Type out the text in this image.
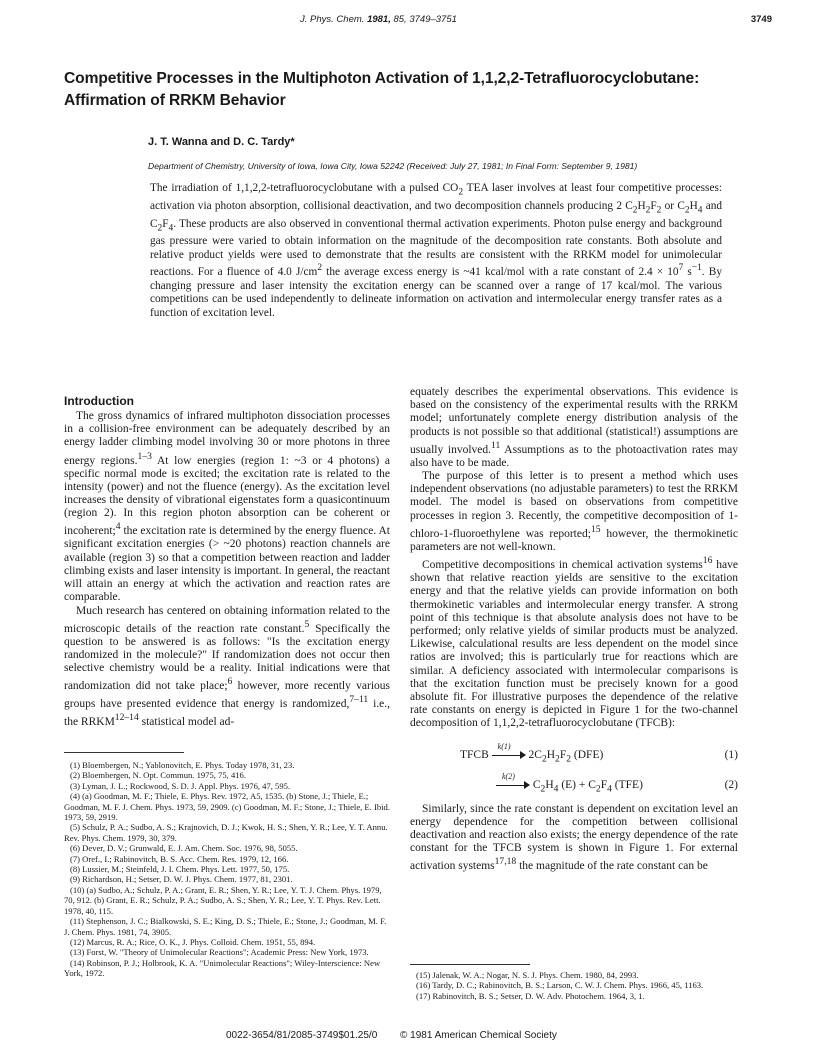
J. Phys. Chem. 1981, 85, 3749–3751	3749
Competitive Processes in the Multiphoton Activation of 1,1,2,2-Tetrafluorocyclobutane: Affirmation of RRKM Behavior
J. T. Wanna and D. C. Tardy*
Department of Chemistry, University of Iowa, Iowa City, Iowa 52242 (Received: July 27, 1981; In Final Form: September 9, 1981)
The irradiation of 1,1,2,2-tetrafluorocyclobutane with a pulsed $CO_2$ TEA laser involves at least four competitive processes: activation via photon absorption, collisional deactivation, and two decomposition channels producing 2 $C_2H_2F_2$ or $C_2H_4$ and $C_2F_4$. These products are also observed in conventional thermal activation experiments. Photon pulse energy and background gas pressure were varied to obtain information on the magnitude of the decomposition rate constants. Both absolute and relative product yields were used to demonstrate that the results are consistent with the RRKM model for unimolecular reactions. For a fluence of 4.0 $J/cm^2$ the average excess energy is ~41 kcal/mol with a rate constant of $2.4 \times 10^7$ $s^{-1}$. By changing pressure and laser intensity the excitation energy can be scanned over a range of 17 kcal/mol. The various competitions can be used independently to delineate information on activation and intermolecular energy transfer rates as a function of excitation level.
Introduction

The gross dynamics of infrared multiphoton dissociation processes in a collision-free environment can be adequately described by an energy ladder climbing model involving 30 or more photons in three energy regions.$^{1-3}$ At low energies (region 1: ~3 or 4 photons) a specific normal mode is excited; the excitation rate is related to the intensity (power) and not the fluence (energy). As the excitation level increases the density of vibrational eigenstates form a quasicontinuum (region 2). In this region photon absorption can be coherent or incoherent;$^4$ the excitation rate is determined by the energy fluence. At significant excitation energies (> ~20 photons) reaction channels are available (region 3) so that a competition between reaction and ladder climbing exists and laser intensity is important. In general, the reactant will attain an energy at which the activation and reaction rates are comparable.

Much research has centered on obtaining information related to the microscopic details of the reaction rate constant.$^5$ Specifically the question to be answered is as follows: "Is the excitation energy randomized in the molecule?" If randomization does not occur then selective chemistry would be a reality. Initial indications were that randomization did not take place;$^6$ however, more recently various groups have presented evidence that energy is randomized,$^{7-11}$ i.e., the RRKM$^{12-14}$ statistical model ad-

(1) Bloembergen, N.; Yablonovitch, E. Phys. Today 1978, 31, 23.
(2) Bloembergen, N. Opt. Commun. 1975, 75, 416.
(3) Lyman, J. L.; Rockwood, S. D. J. Appl. Phys. 1976, 47, 595.
(4) (a) Goodman, M. F.; Thiele, E. Phys. Rev. 1972, A5, 1535. (b) Stone, J.; Thiele, E.; Goodman, M. F. J. Chem. Phys. 1973, 59, 2909. (c) Goodman, M. F.; Stone, J.; Thiele, E. Ibid. 1973, 59, 2919.
(5) Schulz, P. A.; Sudbo, A. S.; Krajnovich, D. J.; Kwok, H. S.; Shen, Y. R.; Lee, Y. T. Annu. Rev. Phys. Chem. 1979, 30, 379.
(6) Dever, D. V.; Grunwald, E. J. Am. Chem. Soc. 1976, 98, 5055.
(7) Oref., I.; Rabinovitch, B. S. Acc. Chem. Res. 1979, 12, 166.
(8) Lussier, M.; Steinfeld, J. I. Chem. Phys. Lett. 1977, 50, 175.
(9) Richardson, H.; Setser, D. W. J. Phys. Chem. 1977, 81, 2301.
(10) (a) Sudbo, A.; Schulz, P. A.; Grant, E. R.; Shen, Y. R.; Lee, Y. T. J. Chem. Phys. 1979, 70, 912. (b) Grant, E. R.; Schulz, P. A.; Sudbo, A. S.; Shen, Y. R.; Lee, Y. T. Phys. Rev. Lett. 1978, 40, 115.
(11) Stephenson, J. C.; Bialkowski, S. E.; King, D. S.; Thiele, E.; Stone, J.; Goodman, M. F. J. Chem. Phys. 1981, 74, 3905.
(12) Marcus, R. A.; Rice, O. K., J. Phys. Colloid. Chem. 1951, 55, 894.
(13) Forst, W. "Theory of Unimolecular Reactions"; Academic Press: New York, 1973.
(14) Robinson, P. J.; Holbrook, K. A. "Unimolecular Reactions"; Wiley-Interscience: New York, 1972.

equately describes the experimental observations. This evidence is based on the consistency of the experimental results with the RRKM model; unfortunately complete energy distribution analysis of the products is not possible so that additional (statistical!) assumptions are usually involved.$^{11}$ Assumptions as to the photoactivation rates may also have to be made.

The purpose of this letter is to present a method which uses independent observations (no adjustable parameters) to test the RRKM model. The model is based on observations from competitive processes in region 3. Recently, the competitive decomposition of 1-chloro-1-fluoroethylene was reported;$^{15}$ however, the thermokinetic parameters are not well-known.

Competitive decompositions in chemical activation systems$^{16}$ have shown that relative reaction yields are sensitive to the excitation energy and that the relative yields can provide information on both thermokinetic variables and intermolecular energy transfer. A strong point of this technique is that absolute analysis does not have to be performed; only relative yields of similar products must be analyzed. Likewise, calculational results are less dependent on the model since ratios are involved; this is particularly true for reactions which are similar. A deficiency associated with intermolecular comparisons is that the excitation function must be precisely known for a good absolute fit. For illustrative purposes the dependence of the relative rate constants on energy is depicted in Figure 1 for the two-channel decomposition of 1,1,2,2-tetrafluorocyclobutane (TFCB):

TFCB
k(1)
$2C_2H_2F_2$ (DFE)	(1)
k(2)
$C_2H_4$ $(E) + C_2F_4$ (TFE)	(2)

Similarly, since the rate constant is dependent on excitation level an energy dependence for the competition between collisional deactivation and reaction also exists; the energy dependence of the rate constant for the TFCB system is shown in Figure 1. For external activation systems$^{17,18}$ the magnitude of the rate constant can be

(15) Jalenak, W. A.; Nogar, N. S. J. Phys. Chem. 1980, 84, 2993.
(16) Tardy, D. C.; Rabinovitch, B. S.; Larson, C. W. J. Chem. Phys. 1966, 45, 1163.
(17) Rabinovitch, B. S.; Setser, D. W. Adv. Photochem. 1964, 3, 1.
0022-3654/81/2085-3749$01.25/0 © 1981 American Chemical Society
